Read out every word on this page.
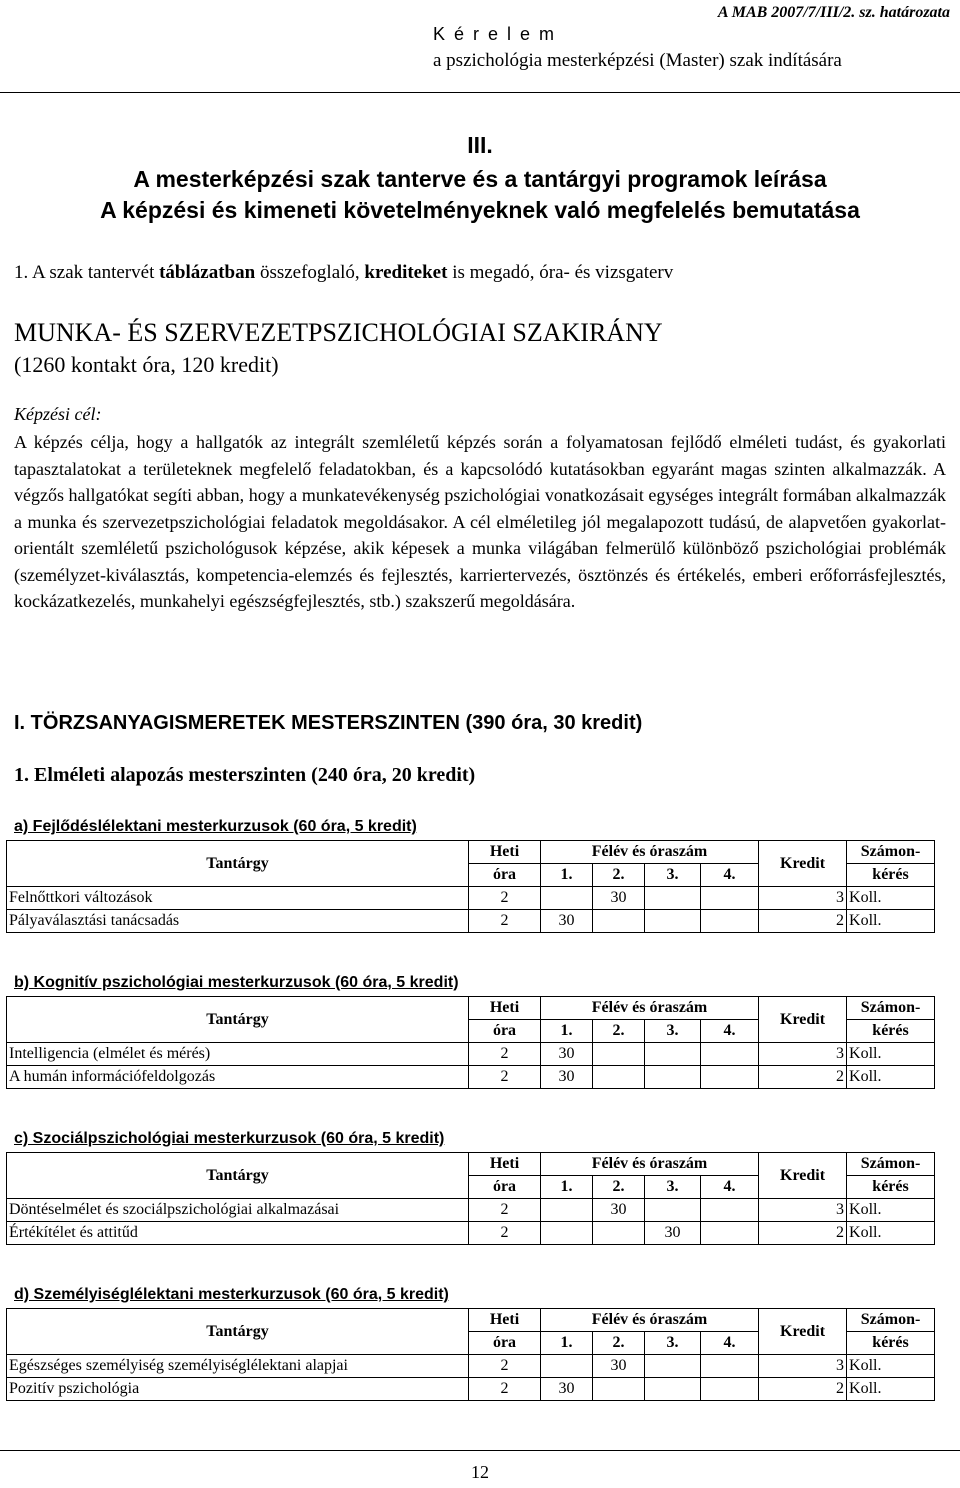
A MAB 2007/7/III/2. sz. határozata
K é r e l e m
a pszichológia mesterképzési (Master) szak indítására
III.
A mesterképzési szak tanterve és a tantárgyi programok leírása
A képzési és kimeneti követelményeknek való megfelelés bemutatása
1. A szak tantervét táblázatban összefoglaló, krediteket is megadó, óra- és vizsgaterv
MUNKA- ÉS SZERVEZETPSZICHOLÓGIAI SZAKIRÁNY
(1260 kontakt óra, 120 kredit)
Képzési cél:
A képzés célja, hogy a hallgatók az integrált szemléletű képzés során a folyamatosan fejlődő elméleti tudást, és gyakorlati tapasztalatokat a területeknek megfelelő feladatokban, és a kapcsolódó kutatásokban egyaránt magas szinten alkalmazzák. A végzős hallgatókat segíti abban, hogy a munkatevékenység pszichológiai vonatkozásait egységes integrált formában alkalmazzák a munka és szervezetpszichológiai feladatok megoldásakor. A cél elméletileg jól megalapozott tudású, de alapvetően gyakorlat-orientált szemléletű pszichológusok képzése, akik képesek a munka világában felmerülő különböző pszichológiai problémák (személyzet-kiválasztás, kompetencia-elemzés és fejlesztés, karriertervezés, ösztönzés és értékelés, emberi erőforrásfejlesztés, kockázatkezelés, munkahelyi egészségfejlesztés, stb.) szakszerű megoldására.
I. TÖRZSANYAGISMERETEK MESTERSZINTEN (390 óra, 30 kredit)
1. Elméleti alapozás mesterszinten (240 óra, 20 kredit)
a) Fejlődéslélektani mesterkurzusok (60 óra, 5 kredit)
Tantárgy	Heti	Félév és óraszám				Kredit	Számon-
	óra	1.	2.	3.	4.		kérés
Felnőttkori változások	2		30			3	Koll.
Pályaválasztási tanácsadás	2	30				2	Koll.
b) Kognitív pszichológiai mesterkurzusok (60 óra, 5 kredit)
Tantárgy	Heti	Félév és óraszám				Kredit	Számon-
	óra	1.	2.	3.	4.		kérés
Intelligencia (elmélet és mérés)	2	30				3	Koll.
A humán információfeldolgozás	2	30				2	Koll.
c) Szociálpszichológiai mesterkurzusok (60 óra, 5 kredit)
Tantárgy	Heti	Félév és óraszám				Kredit	Számon-
	óra	1.	2.	3.	4.		kérés
Döntéselmélet és szociálpszichológiai alkalmazásai	2		30			3	Koll.
Értékítélet és attitűd	2			30		2	Koll.
d) Személyiséglélektani mesterkurzusok (60 óra, 5 kredit)
Tantárgy	Heti	Félév és óraszám				Kredit	Számon-
	óra	1.	2.	3.	4.		kérés
Egészséges személyiség személyiséglélektani alapjai	2		30			3	Koll.
Pozitív pszichológia	2	30				2	Koll.
12
